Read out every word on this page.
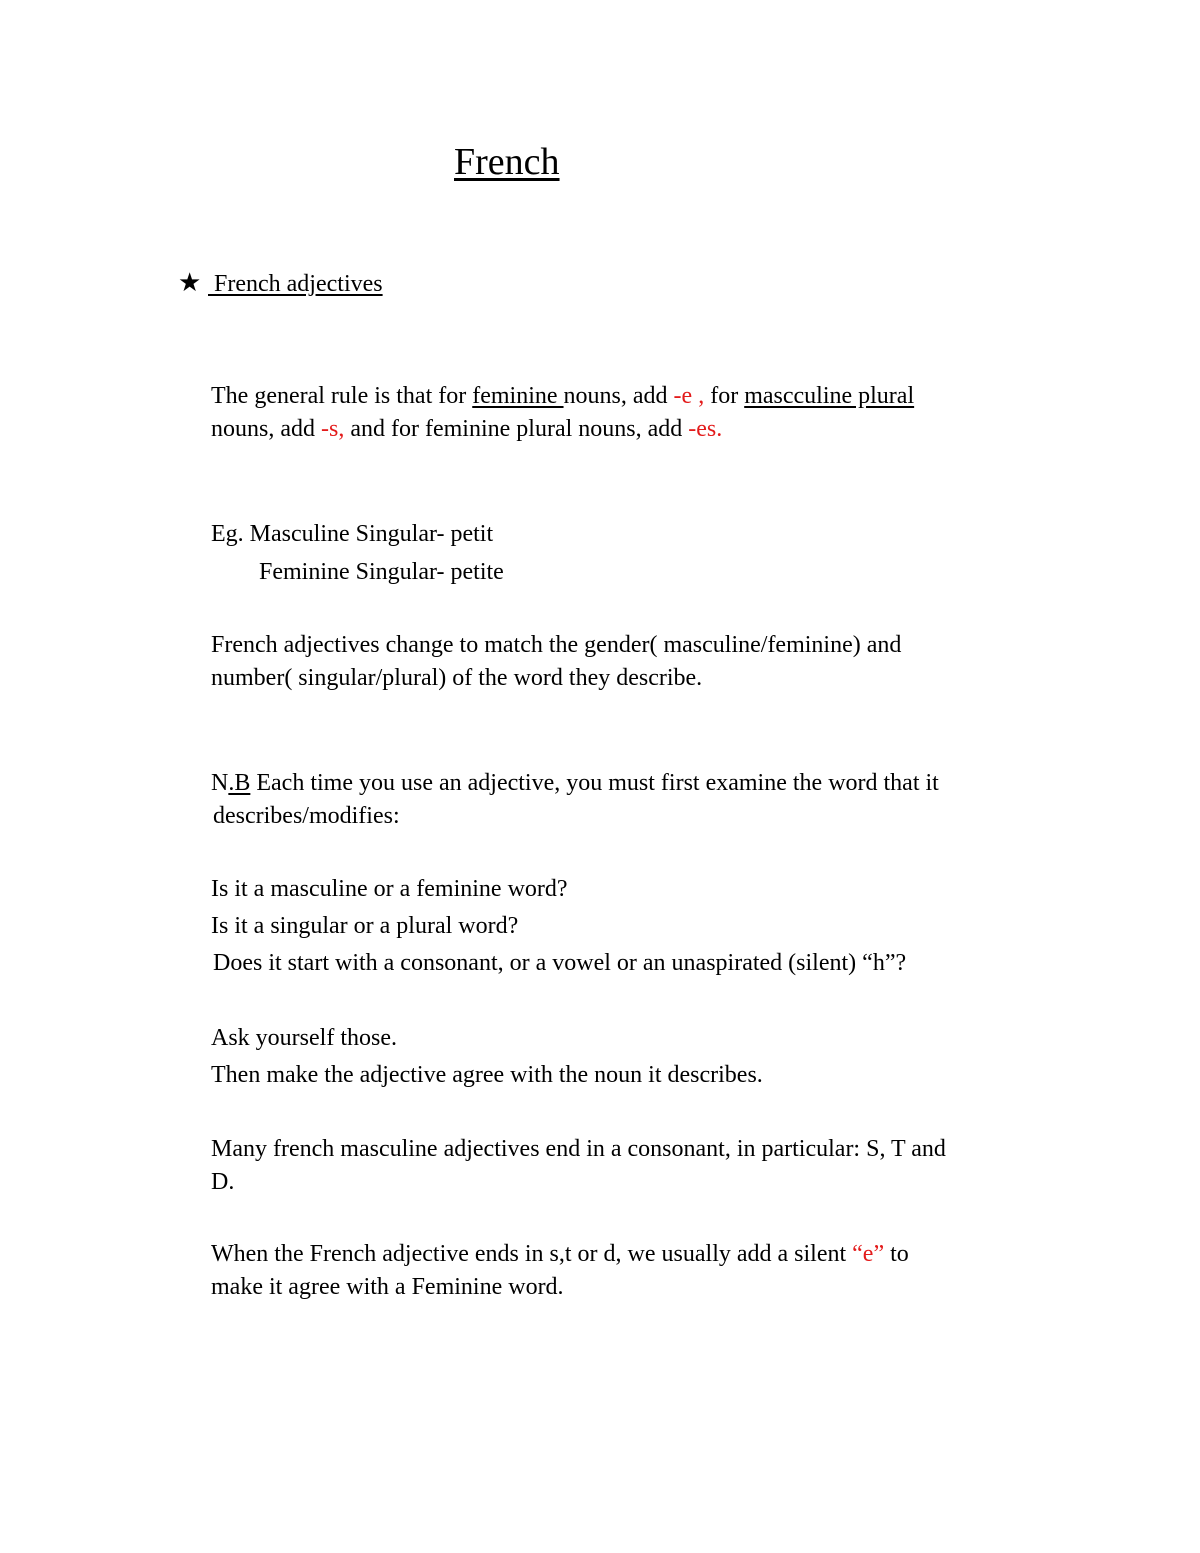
French
★ French adjectives
The general rule is that for feminine nouns, add -e , for mascculine plural
nouns, add -s, and for feminine plural nouns, add -es.
Eg. Masculine Singular- petit
Feminine Singular- petite
French adjectives change to match the gender( masculine/feminine) and
number( singular/plural) of the word they describe.
N.B Each time you use an adjective, you must first examine the word that it
describes/modifies:
Is it a masculine or a feminine word?
Is it a singular or a plural word?
Does it start with a consonant, or a vowel or an unaspirated (silent) “h”?
Ask yourself those.
Then make the adjective agree with the noun it describes.
Many french masculine adjectives end in a consonant, in particular: S, T and
D.
When the French adjective ends in s,t or d, we usually add a silent “e” to
make it agree with a Feminine word.
